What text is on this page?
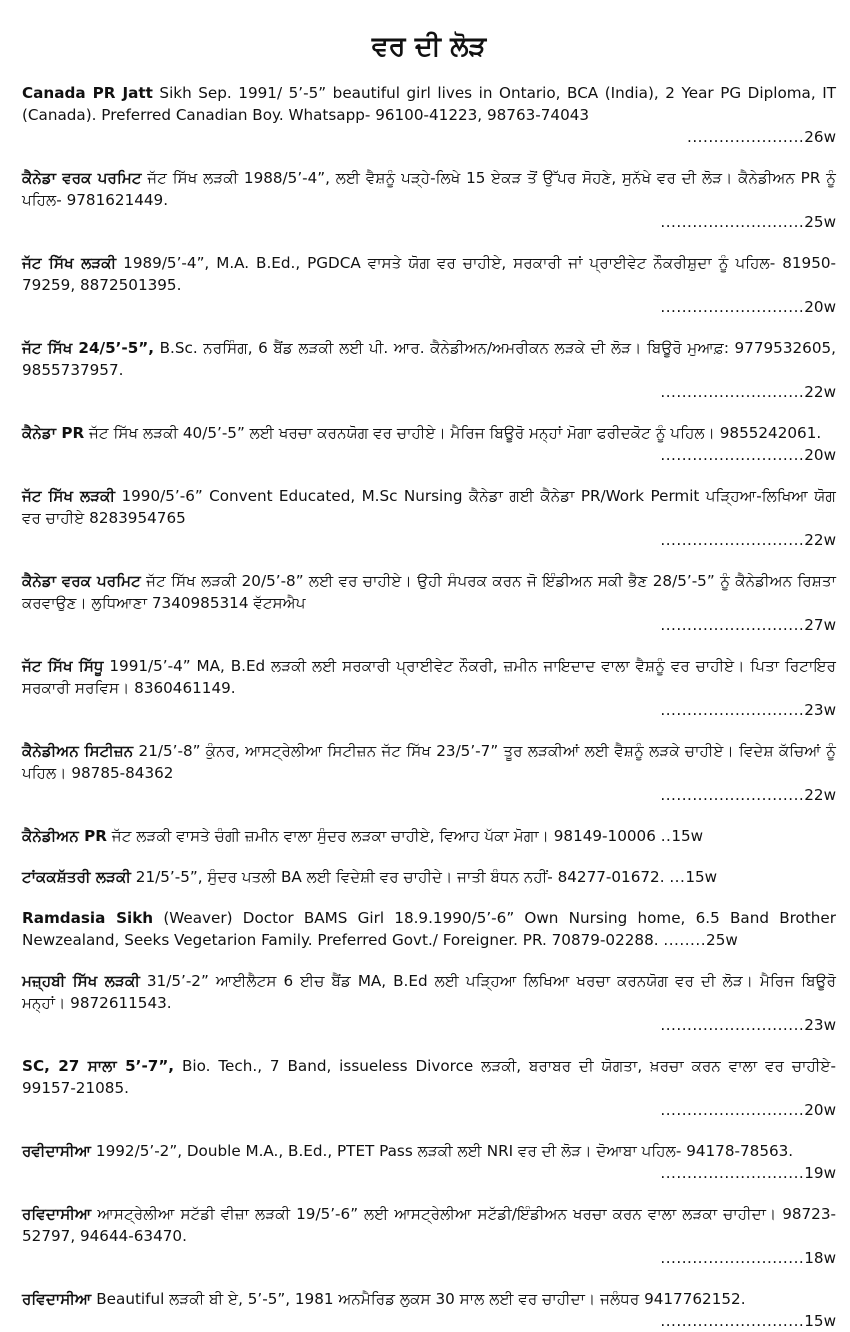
ਵਰ ਦੀ ਲੋੜ
Canada PR Jatt Sikh Sep. 1991/ 5’-5” beautiful girl lives in Ontario, BCA (India), 2 Year PG Diploma, IT (Canada). Preferred Canadian Boy. Whatsapp- 96100-41223, 98763-74043
...................... 26w
ਕੈਨੇਡਾ ਵਰਕ ਪਰਮਿਟ ਜੱਟ ਸਿੱਖ ਲੜਕੀ 1988/5’-4”, ਲਈ ਵੈਸ਼ਨੂੰ ਪੜ੍ਹੇ-ਲਿਖੇ 15 ਏਕੜ ਤੋਂ ਉੱਪਰ ਸੋਹਣੇ, ਸੁਨੱਖੇ ਵਰ ਦੀ ਲੋੜ। ਕੈਨੇਡੀਅਨ PR ਨੂੰ ਪਹਿਲ- 9781621449.
........................... 25w
ਜੱਟ ਸਿੱਖ ਲੜਕੀ 1989/5’-4”, M.A. B.Ed., PGDCA ਵਾਸਤੇ ਯੋਗ ਵਰ ਚਾਹੀਏ, ਸਰਕਾਰੀ ਜਾਂ ਪ੍ਰਾਈਵੇਟ ਨੌਕਰੀਸ਼ੁਦਾ ਨੂੰ ਪਹਿਲ- 81950-79259, 8872501395.
........................... 20w
ਜੱਟ ਸਿੱਖ 24/5’-5”, B.Sc. ਨਰਸਿੰਗ, 6 ਬੈਂਡ ਲੜਕੀ ਲਈ ਪੀ. ਆਰ. ਕੈਨੇਡੀਅਨ/ਅਮਰੀਕਨ ਲੜਕੇ ਦੀ ਲੋੜ। ਬਿਊਰੋ ਮੁਆਫ਼: 9779532605, 9855737957.
........................... 22w
ਕੈਨੇਡਾ PR ਜੱਟ ਸਿੱਖ ਲੜਕੀ 40/5’-5” ਲਈ ਖਰਚਾ ਕਰਨਯੋਗ ਵਰ ਚਾਹੀਏ। ਮੈਰਿਜ ਬਿਊਰੋ ਮਨ੍ਹਾਂ ਮੋਗਾ ਫਰੀਦਕੋਟ ਨੂੰ ਪਹਿਲ। 9855242061.
........................... 20w
ਜੱਟ ਸਿੱਖ ਲੜਕੀ 1990/5’-6” Convent Educated, M.Sc Nursing ਕੈਨੇਡਾ ਗਈ ਕੈਨੇਡਾ PR/Work Permit ਪੜ੍ਹਿਆ-ਲਿਖਿਆ ਯੋਗ ਵਰ ਚਾਹੀਏ 8283954765
........................... 22w
ਕੈਨੇਡਾ ਵਰਕ ਪਰਮਿਟ ਜੱਟ ਸਿੱਖ ਲੜਕੀ 20/5’-8” ਲਈ ਵਰ ਚਾਹੀਏ। ਉਹੀ ਸੰਪਰਕ ਕਰਨ ਜੋ ਇੰਡੀਅਨ ਸਕੀ ਭੈਣ 28/5’-5” ਨੂੰ ਕੈਨੇਡੀਅਨ ਰਿਸ਼ਤਾ ਕਰਵਾਉਣ। ਲੁਧਿਆਣਾ 7340985314 ਵੱਟਸਐਪ
........................... 27w
ਜੱਟ ਸਿੱਖ ਸਿੱਧੂ 1991/5’-4” MA, B.Ed ਲੜਕੀ ਲਈ ਸਰਕਾਰੀ ਪ੍ਰਾਈਵੇਟ ਨੌਕਰੀ, ਜ਼ਮੀਨ ਜਾਇਦਾਦ ਵਾਲਾ ਵੈਸ਼ਨੂੰ ਵਰ ਚਾਹੀਏ। ਪਿਤਾ ਰਿਟਾਇਰ ਸਰਕਾਰੀ ਸਰਵਿਸ। 8360461149.
........................... 23w
ਕੈਨੇਡੀਅਨ ਸਿਟੀਜ਼ਨ 21/5’-8” ਕੁੰਨਰ, ਆਸਟ੍ਰੇਲੀਆ ਸਿਟੀਜ਼ਨ ਜੱਟ ਸਿੱਖ 23/5’-7” ਤੂਰ ਲੜਕੀਆਂ ਲਈ ਵੈਸ਼ਨੂੰ ਲੜਕੇ ਚਾਹੀਏ। ਵਿਦੇਸ਼ ਕੱਚਿਆਂ ਨੂੰ ਪਹਿਲ। 98785-84362
........................... 22w
ਕੈਨੇਡੀਅਨ PR ਜੱਟ ਲੜਕੀ ਵਾਸਤੇ ਚੰਗੀ ਜ਼ਮੀਨ ਵਾਲਾ ਸੁੰਦਰ ਲੜਕਾ ਚਾਹੀਏ, ਵਿਆਹ ਪੱਕਾ ਮੋਗਾ। 98149-10006 ..15w
ਟਾਂਕਕਸ਼ੱਤਰੀ ਲੜਕੀ 21/5’-5”, ਸੁੰਦਰ ਪਤਲੀ BA ਲਈ ਵਿਦੇਸ਼ੀ ਵਰ ਚਾਹੀਦੇ। ਜਾਤੀ ਬੰਧਨ ਨਹੀਂ- 84277-01672. ...15w
Ramdasia Sikh (Weaver) Doctor BAMS Girl 18.9.1990/5’-6” Own Nursing home, 6.5 Band Brother Newzealand, Seeks Vegetarion Family. Preferred Govt./ Foreigner. PR. 70879-02288. ........25w
ਮਜ਼੍ਹਬੀ ਸਿੱਖ ਲੜਕੀ 31/5’-2” ਆਈਲੈਟਸ 6 ਈਚ ਬੈਂਡ MA, B.Ed ਲਈ ਪੜ੍ਹਿਆ ਲਿਖਿਆ ਖਰਚਾ ਕਰਨਯੋਗ ਵਰ ਦੀ ਲੋੜ। ਮੈਰਿਜ ਬਿਊਰੋ ਮਨ੍ਹਾਂ। 9872611543.
........................... 23w
SC, 27 ਸਾਲਾ 5’-7”, Bio. Tech., 7 Band, issueless Divorce ਲੜਕੀ, ਬਰਾਬਰ ਦੀ ਯੋਗਤਾ, ਖ਼ਰਚਾ ਕਰਨ ਵਾਲਾ ਵਰ ਚਾਹੀਏ- 99157-21085.
........................... 20w
ਰਵੀਦਾਸੀਆ 1992/5’-2”, Double M.A., B.Ed., PTET Pass ਲੜਕੀ ਲਈ NRI ਵਰ ਦੀ ਲੋੜ। ਦੋਆਬਾ ਪਹਿਲ- 94178-78563.
........................... 19w
ਰਵਿਦਾਸੀਆ ਆਸਟ੍ਰੇਲੀਆ ਸਟੱਡੀ ਵੀਜ਼ਾ ਲੜਕੀ 19/5’-6” ਲਈ ਆਸਟ੍ਰੇਲੀਆ ਸਟੱਡੀ/ਇੰਡੀਅਨ ਖਰਚਾ ਕਰਨ ਵਾਲਾ ਲੜਕਾ ਚਾਹੀਦਾ। 98723-52797, 94644-63470.
........................... 18w
ਰਵਿਦਾਸੀਆ Beautiful ਲੜਕੀ ਬੀ ਏ, 5’-5”, 1981 ਅਨਮੈਰਿਡ ਲੁਕਸ 30 ਸਾਲ ਲਈ ਵਰ ਚਾਹੀਦਾ। ਜਲੰਧਰ 9417762152.
........................... 15w
